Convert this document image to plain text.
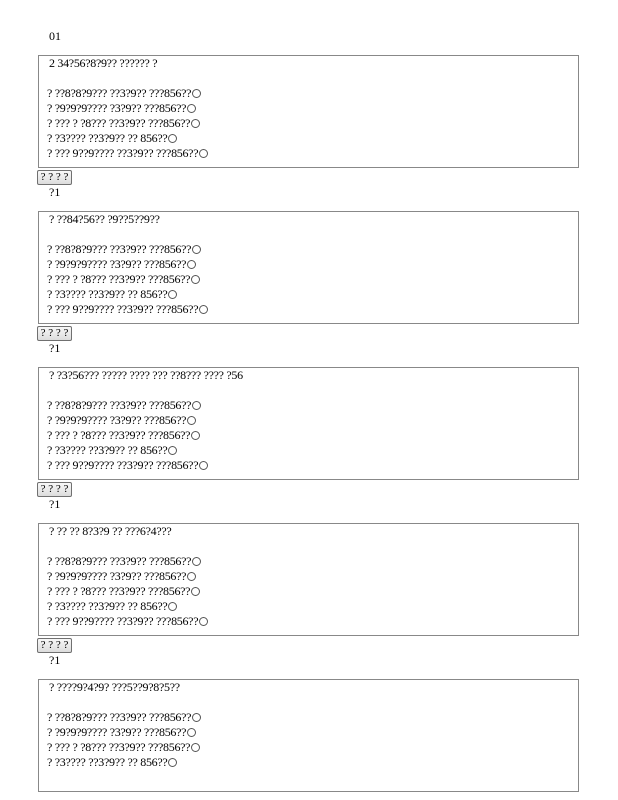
01
2 34?56?8?9?? ?????? ?
? ??8?8?9??? ??3?9?? ???856??
? ?9?9?9???? ?3?9?? ???856??
? ??? ? ?8??? ??3?9?? ???856??
? ?3???? ??3?9?? ?? 856??
? ??? 9??9???? ??3?9?? ???856??
? ? ? ?
?1
? ??84?56?? ?9??5??9??
? ??8?8?9??? ??3?9?? ???856??
? ?9?9?9???? ?3?9?? ???856??
? ??? ? ?8??? ??3?9?? ???856??
? ?3???? ??3?9?? ?? 856??
? ??? 9??9???? ??3?9?? ???856??
? ? ? ?
?1
? ?3?56??? ????? ???? ??? ??8??? ???? ?56
? ??8?8?9??? ??3?9?? ???856??
? ?9?9?9???? ?3?9?? ???856??
? ??? ? ?8??? ??3?9?? ???856??
? ?3???? ??3?9?? ?? 856??
? ??? 9??9???? ??3?9?? ???856??
? ? ? ?
?1
? ?? ?? 8?3?9 ?? ???6?4???
? ??8?8?9??? ??3?9?? ???856??
? ?9?9?9???? ?3?9?? ???856??
? ??? ? ?8??? ??3?9?? ???856??
? ?3???? ??3?9?? ?? 856??
? ??? 9??9???? ??3?9?? ???856??
? ? ? ?
?1
? ????9?4?9? ???5??9?8?5??
? ??8?8?9??? ??3?9?? ???856??
? ?9?9?9???? ?3?9?? ???856??
? ??? ? ?8??? ??3?9?? ???856??
? ?3???? ??3?9?? ?? 856??
